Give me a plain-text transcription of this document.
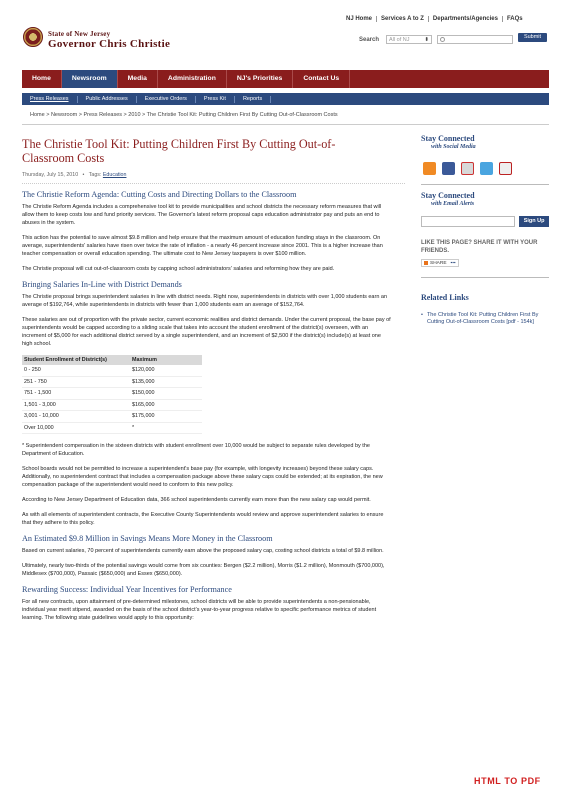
NJ Home	Services A to Z	Departments/Agencies	FAQs
State of New Jersey
Governor Chris Christie	Search	All of NJ	⬍	Submit
Home	Newsroom	Media	Administration	NJ's Priorities	Contact Us
Press Releases	Public Addresses	Executive Orders	Press Kit	Reports
Home > Newsroom > Press Releases > 2010 > The Christie Tool Kit: Putting Children First By Cutting Out-of-Classroom Costs
The Christie Tool Kit: Putting Children First By Cutting Out-of-Classroom Costs
Thursday, July 15, 2010   •   Tags: Education
The Christie Reform Agenda: Cutting Costs and Directing Dollars to the Classroom

The Christie Reform Agenda includes a comprehensive tool kit to provide municipalities and school districts the necessary reform measures that will allow them to keep costs low and fund priority services. The Governor's latest reform proposal caps education administrator pay and puts an end to abuses in the system.

This action has the potential to save almost $9.8 million and help ensure that the maximum amount of education funding stays in the classroom. On average, superintendents' salaries have risen over twice the rate of inflation - a nearly 46 percent increase since 2001. This is a higher increase than teacher compensation or overall education spending. The ultimate cost to New Jersey taxpayers is over $100 million.

The Christie proposal will cut out-of-classroom costs by capping school administrators' salaries and reforming how they are paid.

Bringing Salaries In-Line with District Demands

The Christie proposal brings superintendent salaries in line with district needs. Right now, superintendents in districts with over 1,000 students earn an average of $192,764, while superintendents in districts with fewer than 1,000 students earn an average of $152,764.

These salaries are out of proportion with the private sector, current economic realities and district demands. Under the current proposal, the base pay of superintendents would be capped according to a sliding scale that takes into account the student enrollment of the district(s) overseen, with an increment of $5,000 for each additional district served by a single superintendent, and an increment of $2,500 if the district(s) include(s) at least one high school.

Student Enrollment of District(s)	Maximum
0 - 250	$120,000
251 - 750	$135,000
751 - 1,500	$150,000
1,501 - 3,000	$165,000
3,001 - 10,000	$175,000
Over 10,000	*

* Superintendent compensation in the sixteen districts with student enrollment over 10,000 would be subject to separate rules developed by the Department of Education.

School boards would not be permitted to increase a superintendent's base pay (for example, with longevity increases) beyond these salary caps. Additionally, no superintendent contract that includes a compensation package above these salary caps could be extended; at its expiration, the new compensation package of the superintendent would need to conform to this new policy.

According to New Jersey Department of Education data, 366 school superintendents currently earn more than the new salary cap would permit.

As with all elements of superintendent contracts, the Executive County Superintendents would review and approve superintendent salaries to ensure that they adhere to this policy.

An Estimated $9.8 Million in Savings Means More Money in the Classroom

Based on current salaries, 70 percent of superintendents currently earn above the proposed salary cap, costing school districts a total of $9.8 million.

Ultimately, nearly two-thirds of the potential savings would come from six counties: Bergen ($2.2 million), Morris ($1.2 million), Monmouth ($700,000), Middlesex ($700,000), Passaic ($650,000) and Essex ($650,000).

Rewarding Success: Individual Year Incentives for Performance

For all new contracts, upon attainment of pre-determined milestones, school districts will be able to provide superintendents a non-pensionable, individual year merit stipend, awarded on the basis of the school district's year-to-year progress relative to specific performance metrics of student learning. The following state guidelines would apply to this opportunity:

Stay Connected
with Social Media
Stay Connected
with Email Alerts
Sign Up
LIKE THIS PAGE? SHARE IT WITH YOUR FRIENDS.
SHARE ▪▪▪
Related Links
• The Christie Tool Kit: Putting Children First By Cutting Out-of-Classroom Costs [pdf - 154k]
HTML TO PDF
